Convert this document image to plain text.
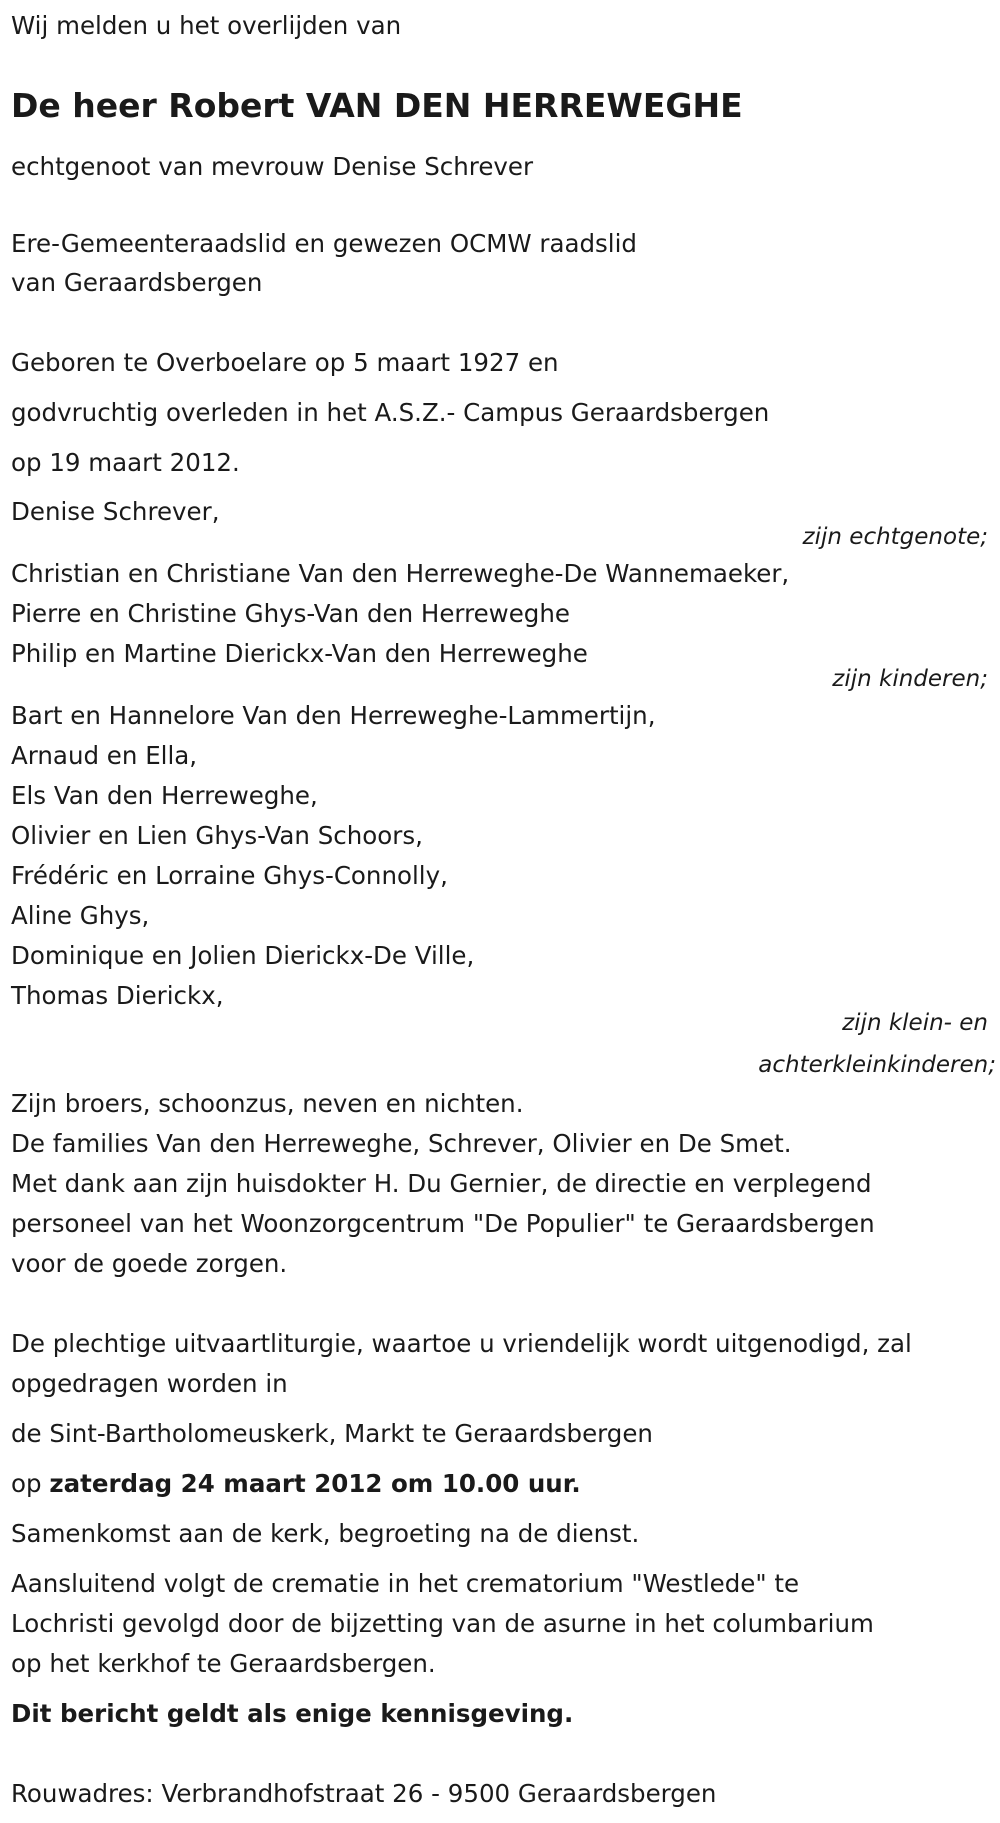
Wij melden u het overlijden van
De heer Robert VAN DEN HERREWEGHE
echtgenoot van mevrouw Denise Schrever
Ere-Gemeenteraadslid en gewezen OCMW raadslid
van Geraardsbergen
Geboren te Overboelare op 5 maart 1927 en
godvruchtig overleden in het A.S.Z.- Campus Geraardsbergen
op 19 maart 2012.
Denise Schrever,
zijn echtgenote;
Christian en Christiane Van den Herreweghe-De Wannemaeker,
Pierre en Christine Ghys-Van den Herreweghe
Philip en Martine Dierickx-Van den Herreweghe
zijn kinderen;
Bart en Hannelore Van den Herreweghe-Lammertijn,
Arnaud en Ella,
Els Van den Herreweghe,
Olivier en Lien Ghys-Van Schoors,
Frédéric en Lorraine Ghys-Connolly,
Aline Ghys,
Dominique en Jolien Dierickx-De Ville,
Thomas Dierickx,
zijn klein- en
achterkleinkinderen;
Zijn broers, schoonzus, neven en nichten.
De families Van den Herreweghe, Schrever, Olivier en De Smet.
Met dank aan zijn huisdokter H. Du Gernier, de directie en verplegend
personeel van het Woonzorgcentrum "De Populier" te Geraardsbergen
voor de goede zorgen.
De plechtige uitvaartliturgie, waartoe u vriendelijk wordt uitgenodigd, zal
opgedragen worden in
de Sint-Bartholomeuskerk, Markt te Geraardsbergen
op zaterdag 24 maart 2012 om 10.00 uur.
Samenkomst aan de kerk, begroeting na de dienst.
Aansluitend volgt de crematie in het crematorium "Westlede" te
Lochristi gevolgd door de bijzetting van de asurne in het columbarium
op het kerkhof te Geraardsbergen.
Dit bericht geldt als enige kennisgeving.
Rouwadres: Verbrandhofstraat 26 - 9500 Geraardsbergen
